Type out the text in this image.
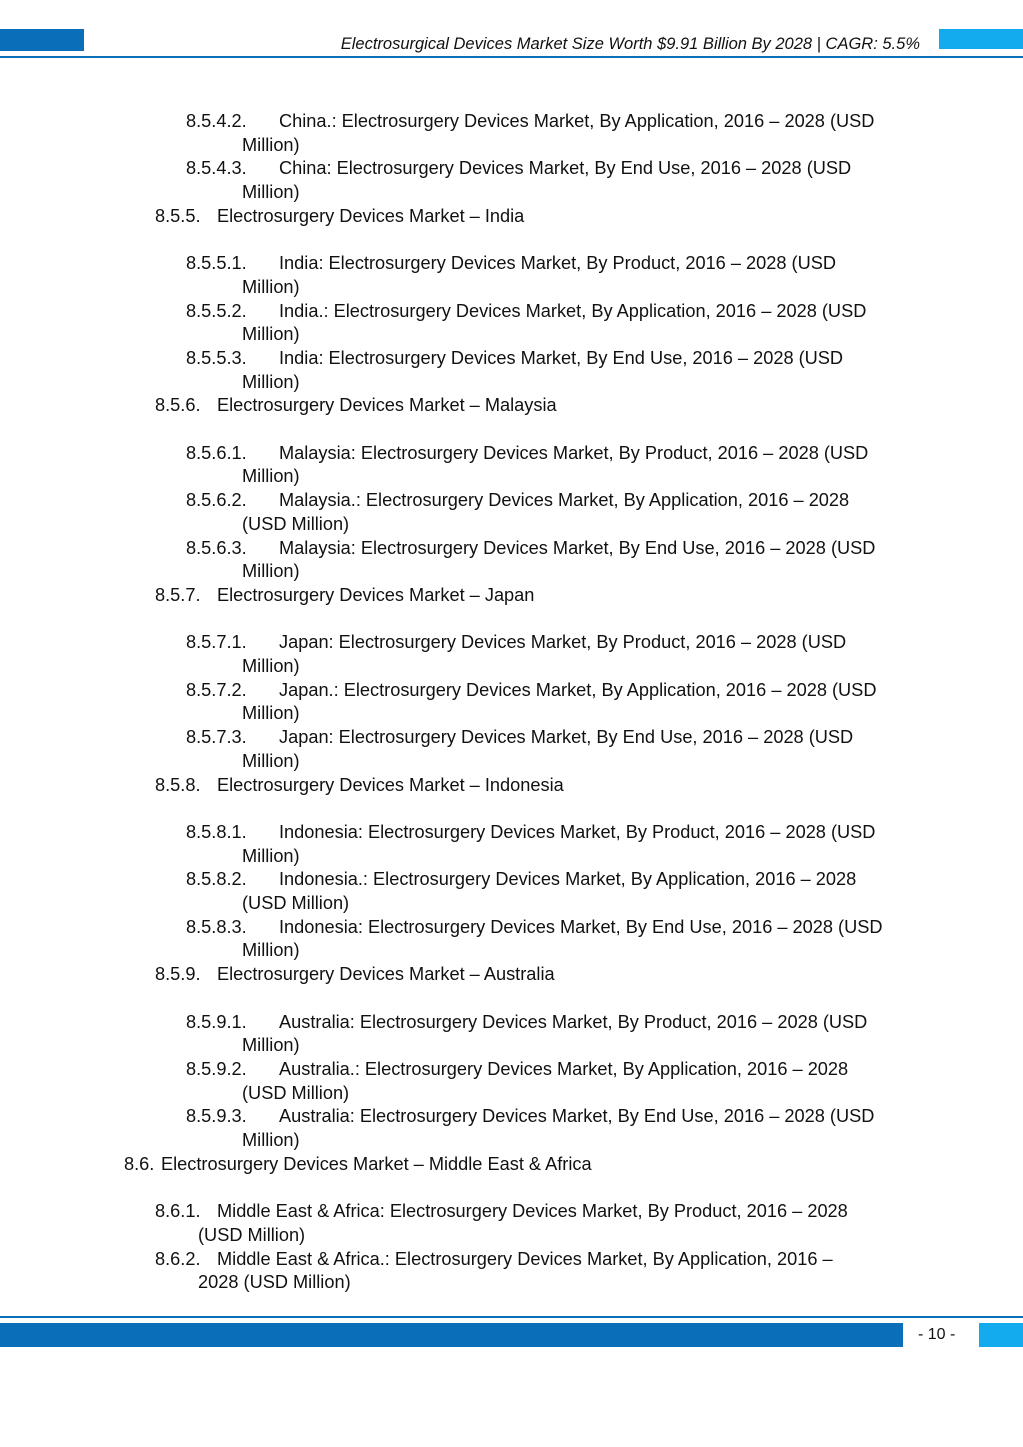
Electrosurgical Devices Market Size Worth $9.91 Billion By 2028 | CAGR: 5.5%
8.5.4.2. China.: Electrosurgery Devices Market, By Application, 2016 – 2028 (USD
Million)
8.5.4.3. China: Electrosurgery Devices Market, By End Use, 2016 – 2028 (USD
Million)
8.5.5. Electrosurgery Devices Market – India
8.5.5.1. India: Electrosurgery Devices Market, By Product, 2016 – 2028 (USD
Million)
8.5.5.2. India.: Electrosurgery Devices Market, By Application, 2016 – 2028 (USD
Million)
8.5.5.3. India: Electrosurgery Devices Market, By End Use, 2016 – 2028 (USD
Million)
8.5.6. Electrosurgery Devices Market – Malaysia
8.5.6.1. Malaysia: Electrosurgery Devices Market, By Product, 2016 – 2028 (USD
Million)
8.5.6.2. Malaysia.: Electrosurgery Devices Market, By Application, 2016 – 2028
(USD Million)
8.5.6.3. Malaysia: Electrosurgery Devices Market, By End Use, 2016 – 2028 (USD
Million)
8.5.7. Electrosurgery Devices Market – Japan
8.5.7.1. Japan: Electrosurgery Devices Market, By Product, 2016 – 2028 (USD
Million)
8.5.7.2. Japan.: Electrosurgery Devices Market, By Application, 2016 – 2028 (USD
Million)
8.5.7.3. Japan: Electrosurgery Devices Market, By End Use, 2016 – 2028 (USD
Million)
8.5.8. Electrosurgery Devices Market – Indonesia
8.5.8.1. Indonesia: Electrosurgery Devices Market, By Product, 2016 – 2028 (USD
Million)
8.5.8.2. Indonesia.: Electrosurgery Devices Market, By Application, 2016 – 2028
(USD Million)
8.5.8.3. Indonesia: Electrosurgery Devices Market, By End Use, 2016 – 2028 (USD
Million)
8.5.9. Electrosurgery Devices Market – Australia
8.5.9.1. Australia: Electrosurgery Devices Market, By Product, 2016 – 2028 (USD
Million)
8.5.9.2. Australia.: Electrosurgery Devices Market, By Application, 2016 – 2028
(USD Million)
8.5.9.3. Australia: Electrosurgery Devices Market, By End Use, 2016 – 2028 (USD
Million)
8.6. Electrosurgery Devices Market – Middle East & Africa
8.6.1. Middle East & Africa: Electrosurgery Devices Market, By Product, 2016 – 2028
(USD Million)
8.6.2. Middle East & Africa.: Electrosurgery Devices Market, By Application, 2016 –
2028 (USD Million)
- 10 -
